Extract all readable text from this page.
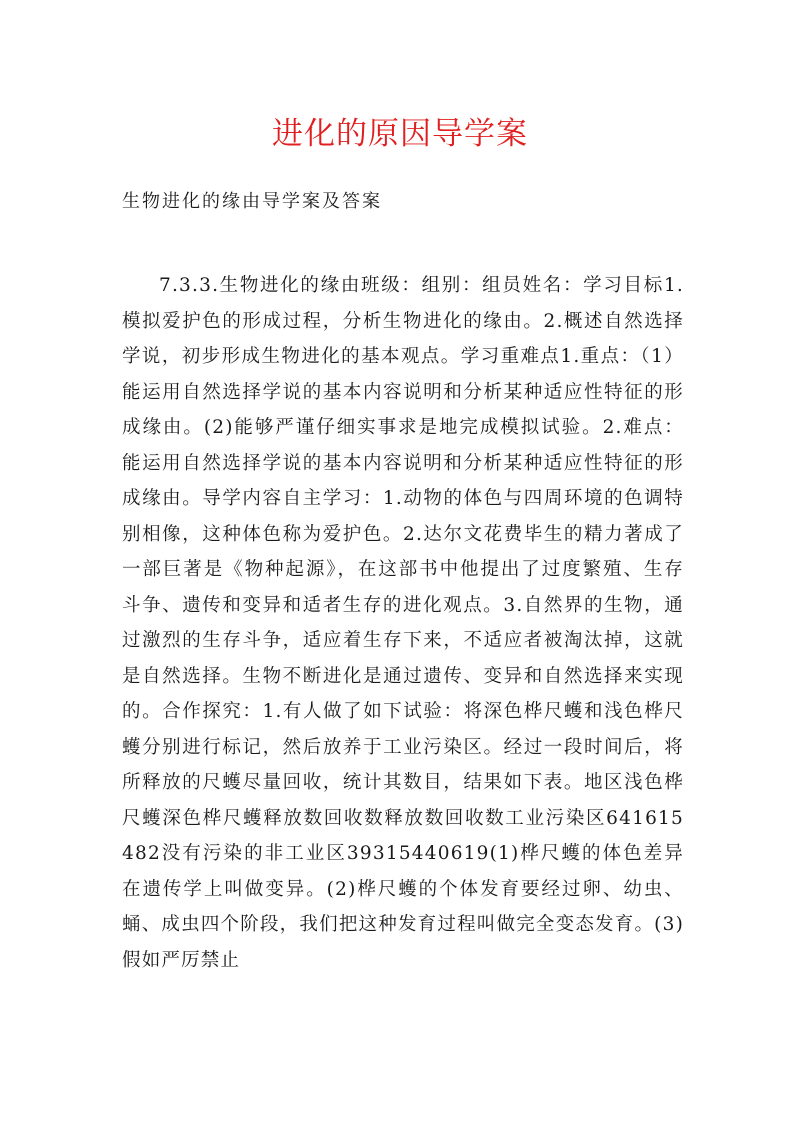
进化的原因导学案

生物进化的缘由导学案及答案

7.3.3.生物进化的缘由班级：组别：组员姓名：学习目标1.模拟爱护色的形成过程，分析生物进化的缘由。2.概述自然选择学说，初步形成生物进化的基本观点。学习重难点1.重点：（1）能运用自然选择学说的基本内容说明和分析某种适应性特征的形成缘由。(2)能够严谨仔细实事求是地完成模拟试验。2.难点：能运用自然选择学说的基本内容说明和分析某种适应性特征的形成缘由。导学内容自主学习：1.动物的体色与四周环境的色调特别相像，这种体色称为爱护色。2.达尔文花费毕生的精力著成了一部巨著是《物种起源》，在这部书中他提出了过度繁殖、生存斗争、遗传和变异和适者生存的进化观点。3.自然界的生物，通过激烈的生存斗争，适应着生存下来，不适应者被淘汰掉，这就是自然选择。生物不断进化是通过遗传、变异和自然选择来实现的。合作探究：1.有人做了如下试验：将深色桦尺蠖和浅色桦尺蠖分别进行标记，然后放养于工业污染区。经过一段时间后，将所释放的尺蠖尽量回收，统计其数目，结果如下表。地区浅色桦尺蠖深色桦尺蠖释放数回收数释放数回收数工业污染区641615482没有污染的非工业区39315440619(1)桦尺蠖的体色差异在遗传学上叫做变异。(2)桦尺蠖的个体发育要经过卵、幼虫、蛹、成虫四个阶段，我们把这种发育过程叫做完全变态发育。(3)假如严厉禁止
